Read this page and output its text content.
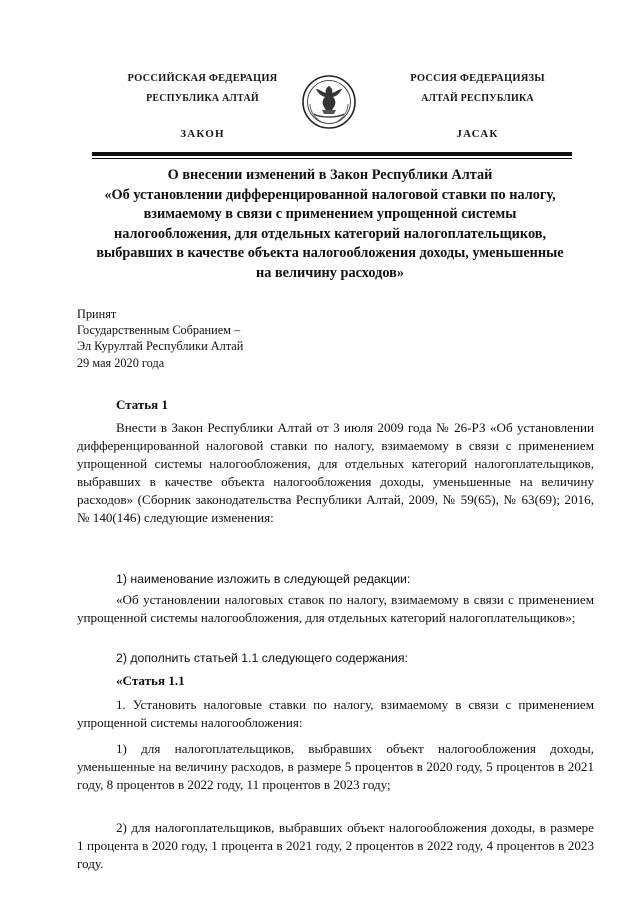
РОССИЙСКАЯ ФЕДЕРАЦИЯ
РЕСПУБЛИКА АЛТАЙ
ЗАКОН
РОССИЯ ФЕДЕРАЦИЯЗЫ
АЛТАЙ РЕСПУБЛИКА
ЈАСАК
О внесении изменений в Закон Республики Алтай
«Об установлении дифференцированной налоговой ставки по налогу,
взимаемому в связи с применением упрощенной системы
налогообложения, для отдельных категорий налогоплательщиков,
выбравших в качестве объекта налогообложения доходы, уменьшенные
на величину расходов»
Принят
Государственным Собранием –
Эл Курултай Республики Алтай
29 мая 2020 года
Статья 1

Внести в Закон Республики Алтай от 3 июля 2009 года № 26-РЗ «Об установлении дифференцированной налоговой ставки по налогу, взимаемому в связи с применением упрощенной системы налогообложения, для отдельных категорий налогоплательщиков, выбравших в качестве объекта налогообложения доходы, уменьшенные на величину расходов» (Сборник законодательства Республики Алтай, 2009, № 59(65), № 63(69); 2016, № 140(146) следующие изменения:

1) наименование изложить в следующей редакции:

«Об установлении налоговых ставок по налогу, взимаемому в связи с применением упрощенной системы налогообложения, для отдельных категорий налогоплательщиков»;

2) дополнить статьей 1.1 следующего содержания:

«Статья 1.1

1. Установить налоговые ставки по налогу, взимаемому в связи с применением упрощенной системы налогообложения:

1) для налогоплательщиков, выбравших объект налогообложения доходы, уменьшенные на величину расходов, в размере 5 процентов в 2020 году, 5 процентов в 2021 году, 8 процентов в 2022 году, 11 процентов в 2023 году;

2) для налогоплательщиков, выбравших объект налогообложения доходы, в размере 1 процента в 2020 году, 1 процента в 2021 году, 2 процентов в 2022 году, 4 процентов в 2023 году.
